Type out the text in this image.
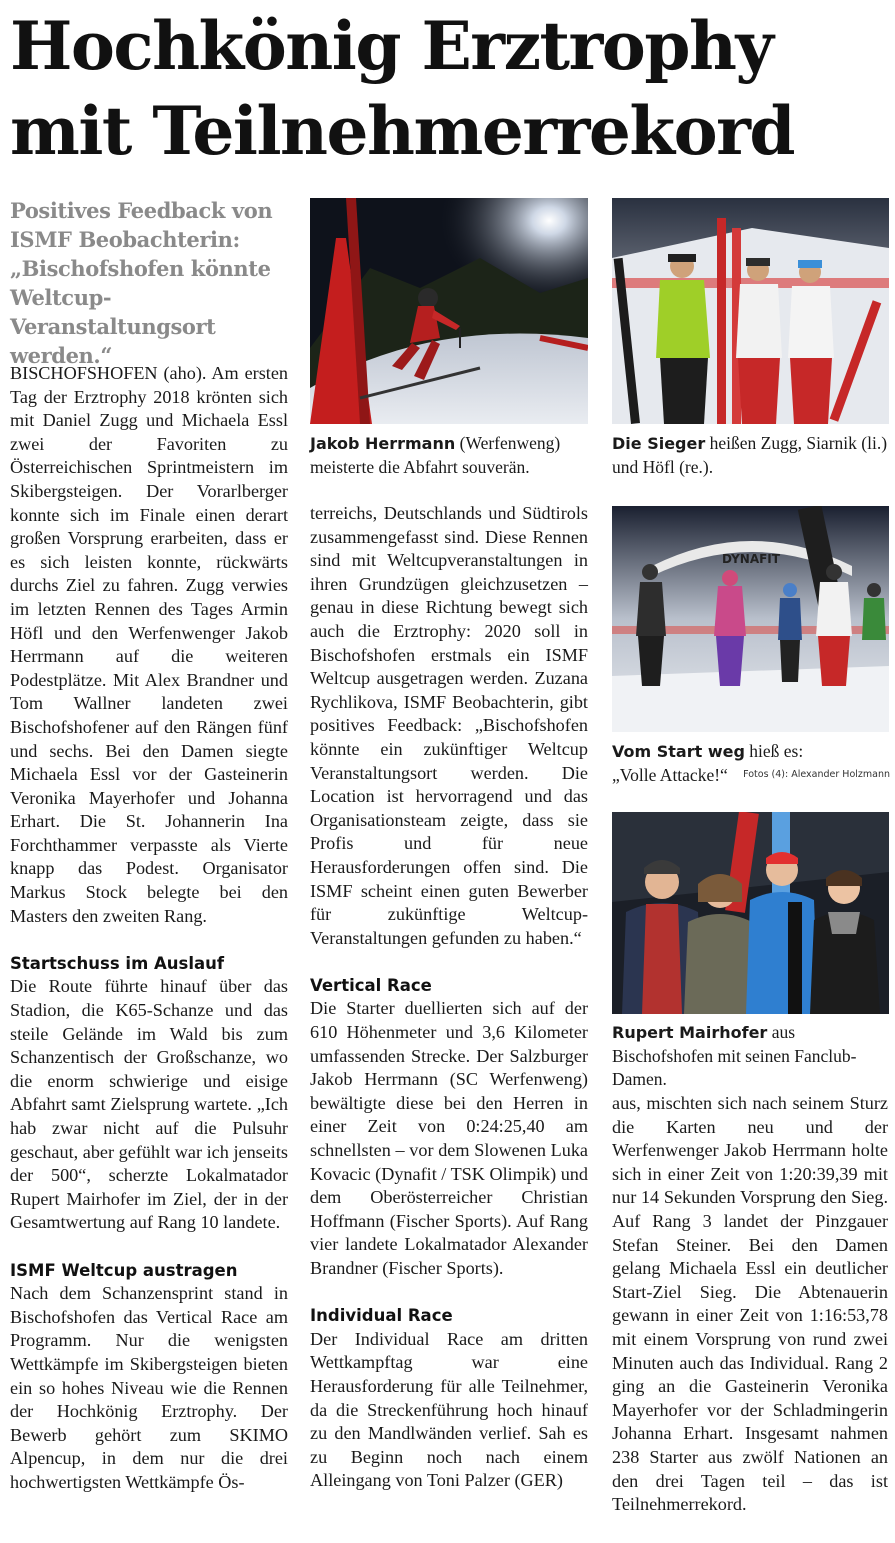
Hochkönig Erztrophy
mit Teilnehmerrekord
Positives Feedback von ISMF Beobachterin: „Bischofshofen könnte Weltcup-Veranstaltungsort werden.“

BISCHOFSHOFEN (aho). Am ersten Tag der Erztrophy 2018 krönten sich mit Daniel Zugg und Michaela Essl zwei der Favoriten zu Österreichischen Sprintmeistern im Skibergsteigen. Der Vorarlberger konnte sich im Finale einen derart großen Vorsprung erarbeiten, dass er es sich leisten konnte, rückwärts durchs Ziel zu fahren. Zugg verwies im letzten Rennen des Tages Armin Höfl und den Werfenwenger Jakob Herrmann auf die weiteren Podestplätze. Mit Alex Brandner und Tom Wallner landeten zwei Bischofshofener auf den Rängen fünf und sechs. Bei den Damen siegte Michaela Essl vor der Gasteinerin Veronika Mayerhofer und Johanna Erhart. Die St. Johannerin Ina Forchthammer verpasste als Vierte knapp das Podest. Organisator Markus Stock belegte bei den Masters den zweiten Rang.

Startschuss im Auslauf

Die Route führte hinauf über das Stadion, die K65-Schanze und das steile Gelände im Wald bis zum Schanzentisch der Großschanze, wo die enorm schwierige und eisige Abfahrt samt Zielsprung wartete. „Ich hab zwar nicht auf die Pulsuhr geschaut, aber gefühlt war ich jenseits der 500“, scherzte Lokalmatador Rupert Mairhofer im Ziel, der in der Gesamtwertung auf Rang 10 landete.

ISMF Weltcup austragen

Nach dem Schanzensprint stand in Bischofshofen das Vertical Race am Programm. Nur die wenigsten Wettkämpfe im Skibergsteigen bieten ein so hohes Niveau wie die Rennen der Hochkönig Erztrophy. Der Bewerb gehört zum SKIMO Alpencup, in dem nur die drei hochwertigsten Wettkämpfe Ös-

terreichs, Deutschlands und Südtirols zusammengefasst sind. Diese Rennen sind mit Weltcupveranstaltungen in ihren Grundzügen gleichzusetzen – genau in diese Richtung bewegt sich auch die Erztrophy: 2020 soll in Bischofshofen erstmals ein ISMF Weltcup ausgetragen werden. Zuzana Rychlikova, ISMF Beobachterin, gibt positives Feedback: „Bischofshofen könnte ein zukünftiger Weltcup Veranstaltungsort werden. Die Location ist hervorragend und das Organisationsteam zeigte, dass sie Profis und für neue Herausforderungen offen sind. Die ISMF scheint einen guten Bewerber für zukünftige Weltcup-Veranstaltungen gefunden zu haben.“

Vertical Race

Die Starter duellierten sich auf der 610 Höhenmeter und 3,6 Kilometer umfassenden Strecke. Der Salzburger Jakob Herrmann (SC Werfenweng) bewältigte diese bei den Herren in einer Zeit von 0:24:25,40 am schnellsten – vor dem Slowenen Luka Kovacic (Dynafit / TSK Olimpik) und dem Oberösterreicher Christian Hoffmann (Fischer Sports). Auf Rang vier landete Lokalmatador Alexander Brandner (Fischer Sports).

Individual Race

Der Individual Race am dritten Wettkampftag war eine Herausforderung für alle Teilnehmer, da die Streckenführung hoch hinauf zu den Mandlwänden verlief. Sah es zu Beginn noch nach einem Alleingang von Toni Palzer (GER)

aus, mischten sich nach seinem Sturz die Karten neu und der Werfenwenger Jakob Herrmann holte sich in einer Zeit von 1:20:39,39 mit nur 14 Sekunden Vorsprung den Sieg. Auf Rang 3 landet der Pinzgauer Stefan Steiner. Bei den Damen gelang Michaela Essl ein deutlicher Start-Ziel Sieg. Die Abtenauerin gewann in einer Zeit von 1:16:53,78 mit einem Vorsprung von rund zwei Minuten auch das Individual. Rang 2 ging an die Gasteinerin Veronika Mayerhofer vor der Schladmingerin Johanna Erhart. Insgesamt nahmen 238 Starter aus zwölf Nationen an den drei Tagen teil – das ist Teilnehmerrekord.

Jakob Herrmann (Werfenweng) meisterte die Abfahrt souverän.
Die Sieger heißen Zugg, Siarnik (li.) und Höfl (re.).
DYNAFIT
Vom Start weg hieß es: „Volle Attacke!“	Fotos (4): Alexander Holzmann
Rupert Mairhofer aus Bischofshofen mit seinen Fanclub-Damen.
